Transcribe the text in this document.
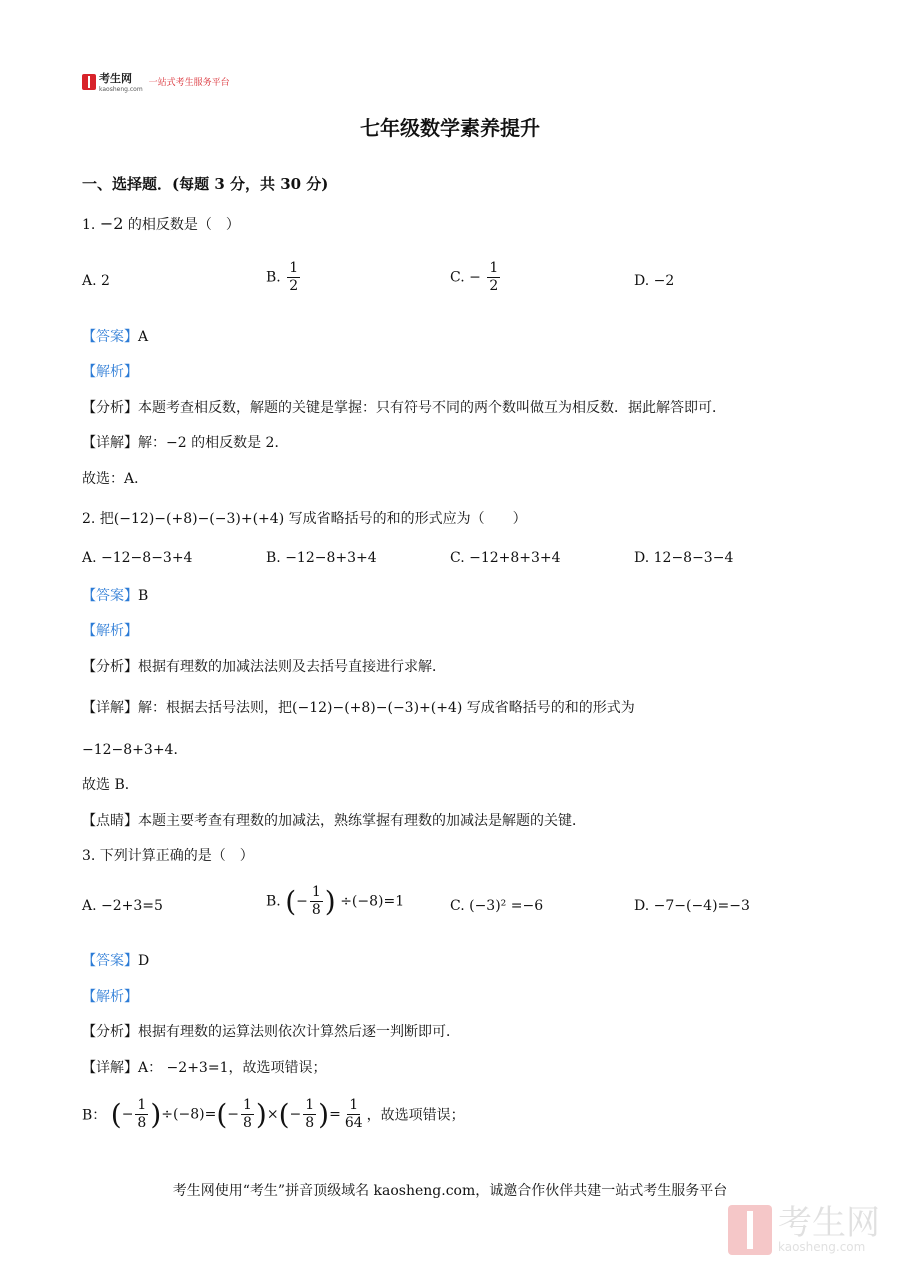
考生网
kaosheng.com
一站式考生服务平台
七年级数学素养提升
一、选择题．(每题 3 分，共 30 分)
1. −2 的相反数是（　）
A. 2	B. $\frac{1}{2}$	C. − $\frac{1}{2}$	D. −2
【答案】A
【解析】
【分析】本题考查相反数，解题的关键是掌握：只有符号不同的两个数叫做互为相反数．据此解答即可．
【详解】解：−2 的相反数是 2．
故选：A．
2. 把(−12)−(+8)−(−3)+(+4) 写成省略括号的和的形式应为（　　）
A. −12−8−3+4	B. −12−8+3+4	C. −12+8+3+4	D. 12−8−3−4
【答案】B
【解析】
【分析】根据有理数的加减法法则及去括号直接进行求解．
【详解】解：根据去括号法则，把(−12)−(+8)−(−3)+(+4) 写成省略括号的和的形式为
−12−8+3+4．
故选 B．
【点睛】本题主要考查有理数的加减法，熟练掌握有理数的加减法是解题的关键．
3. 下列计算正确的是（　）
A. −2+3=5	B. (− $\frac{1}{8}$ ) ÷(−8)=1	C. (−3)² =−6	D. −7−(−4)=−3
【答案】D
【解析】
【分析】根据有理数的运算法则依次计算然后逐一判断即可．
【详解】A： −2+3=1，故选项错误；
B： (− $\frac{1}{8} )\div(-8)=(- \frac{1}{8}$ )×(− $\frac{1}{8}$ )= $\frac{1}{64}$ ，故选项错误；
考生网使用“考生”拼音顶级域名 kaosheng.com，诚邀合作伙伴共建一站式考生服务平台
考生网
kaosheng.com
